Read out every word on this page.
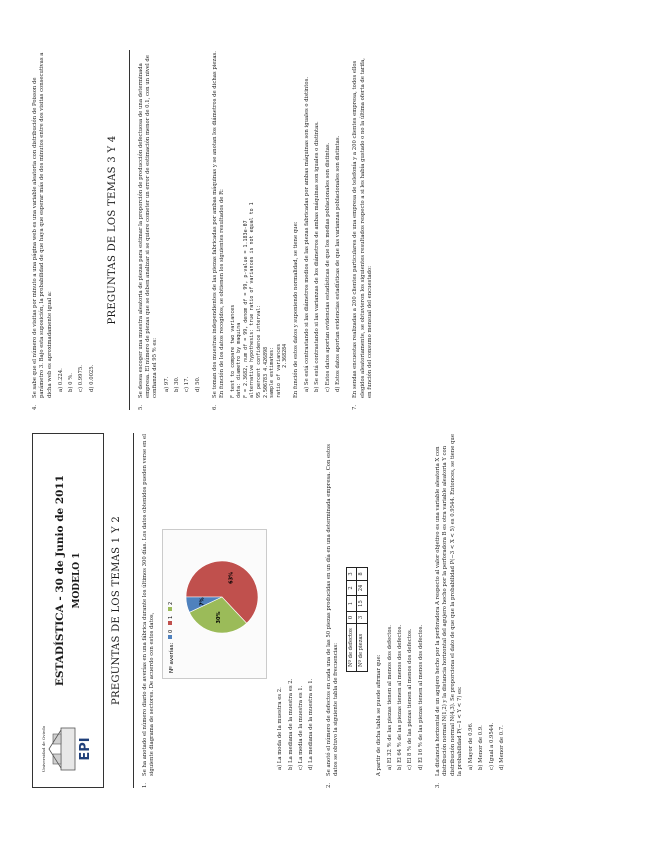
Universidad de Oviedo EPI
ESTADÍSTICA - 30 de Junio de 2011 MODELO 1	PREGUNTAS DE LOS TEMAS 1 Y 2
1.
Se ha anotado el número diario de averías en una fábrica durante los últimos 300 días. Los datos obtenidos pueden verse en el siguiente diagrama de sectores. De acuerdo con estos datos,	Nº averías:
0
1
2
63%
30%
7%
a) La moda de la muestra es 2. b) La mediana de la muestra es 2. c) La media de la muestra es 1. d) La mediana de la muestra es 1.
2.
Se anotó el número de defectos en cada una de las 50 piezas producidas en un día en una determinada empresa. Con estos datos se obtuvo la siguiente tabla de frecuencias: Nº de defectos	0	1	2	3
Nº de piezas	3	15	24	8
A partir de dicha tabla se puede afirmar que: a) El 32 % de las piezas tienen al menos dos defectos. b) El 64 % de las piezas tienen al menos dos defectos. c) El 8 % de las piezas tienen al menos dos defectos. d) El 16 % de las piezas tienen al menos dos defectos.
3.
La distancia horizontal de un agujero hecho por la perforadora A respecto al valor objetivo es una variable aleatoria X con distribución normal N(1,2) y la distancia horizontal del agujero hecho por la perforadora B es otra variable aleatoria Y con distribución normal N(4,3). Se proporciona el dato de que que la probabilidad P(−3 < X < 5) es 0.9544. Entonces, se tiene que la probabilidad P(−1 < Y < 7) es: a) Mayor de 0.96. b) Menor de 0.9. c) Igual a 0.9544. d) Menor de 0.7.
4.
Se sabe que el número de visitas por minuto a una página web es una variable aleatoria con distribución de Poisson de parámetro 3. Bajo esta suposición, la probabilidad de que haya que esperar más de dos minutos entre dos visitas consecutivas a dicha web es aproximadamente igual a: a) 0.224. b) 0 %. c) 0.9975. d) 0.0025.
PREGUNTAS DE LOS TEMAS 3 Y 4
5.
Se desea escoger una muestra aleatoria de piezas para estimar la proporción de producción defectuosa de una determinada empresa. El número de piezas que se deben analizar si se quiere cometer un error de estimación menor de 0.1, con un nivel de confianza del 95 % es: a) 97. b) 30. c) 17. d) 50.
6.
Se toman dos muestras independientes de las piezas fabricadas por ambas máquinas y se anotan los diámetros de dichas piezas. En función de los datos recogidos, se obtienen los siguientes resultados de R: F test to compare two variances data: diametro by maquina F = 2.3682, num df = 99, denom df = 99, p-value = 1.183e-07 alternative hypothesis: true ratio of variances is not equal to 1 95 percent confidence interval: 2.506783 4.426898 sample estimates: ratio of variances 2.368284 En función de estos datos y suponiendo normalidad, se tiene que: a) Se está contrastando si las diámetros medios de las piezas fabricadas por ambas máquinas son iguales o distintos. b) Se está contrastando si las varianzas de los diámetros de ambas máquinas son iguales o distintas. c) Estos datos aportan evidencias estadísticas de que los medias poblacionales son distintas. d) Estos datos aportan evidencias estadísticas de que las varianzas poblacionales son distintas.
7.
En sendas encuestas realizadas a 200 clientes particulares de una empresa de telefonía y a 200 clientes empresa, todos ellos elegidos aleatoriamente, se obtuvieron los siguientes resultados respecto a si les había gustado o no la última oferta de tarifa, en función del consumo mensual del encuestado:
